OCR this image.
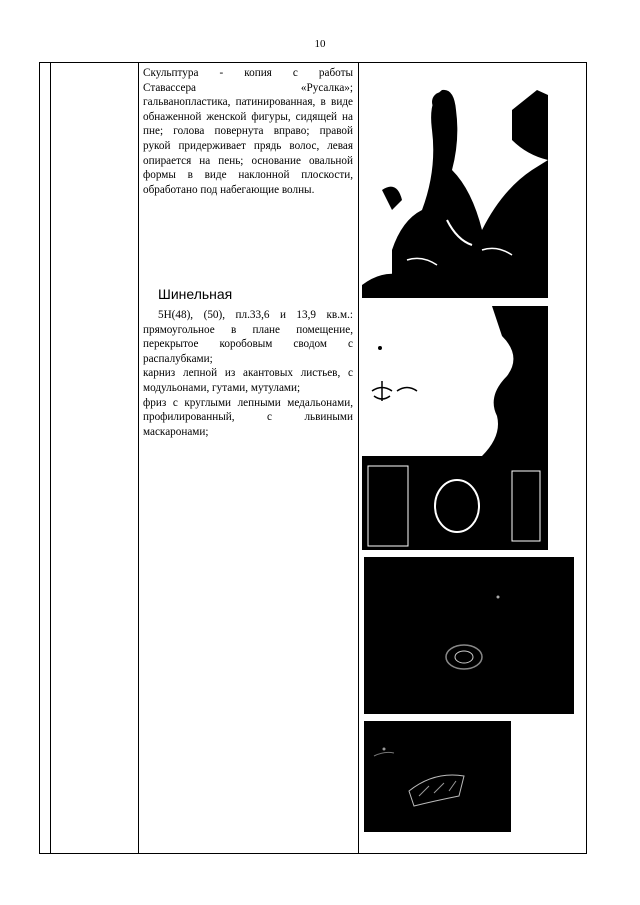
10

Скульптура - копия с работы

Ставассера	«Русалка»;

гальванопластика, патинированная, в виде обнаженной женской фигуры, сидящей на пне; голова повернута вправо; правой рукой придерживает прядь волос, левая опирается на пень; основание овальной формы в виде наклонной плоскости, обработано под набегающие волны.

Шинельная

5Н(48), (50), пл.33,6 и 13,9 кв.м.: прямоугольное в плане помещение, перекрытое коробовым сводом с распалубками;

карниз лепной из акантовых листьев, с модульонами, гутами, мутулами;

фриз с круглыми лепными медальонами, профилированный, с львиными маскаронами;
